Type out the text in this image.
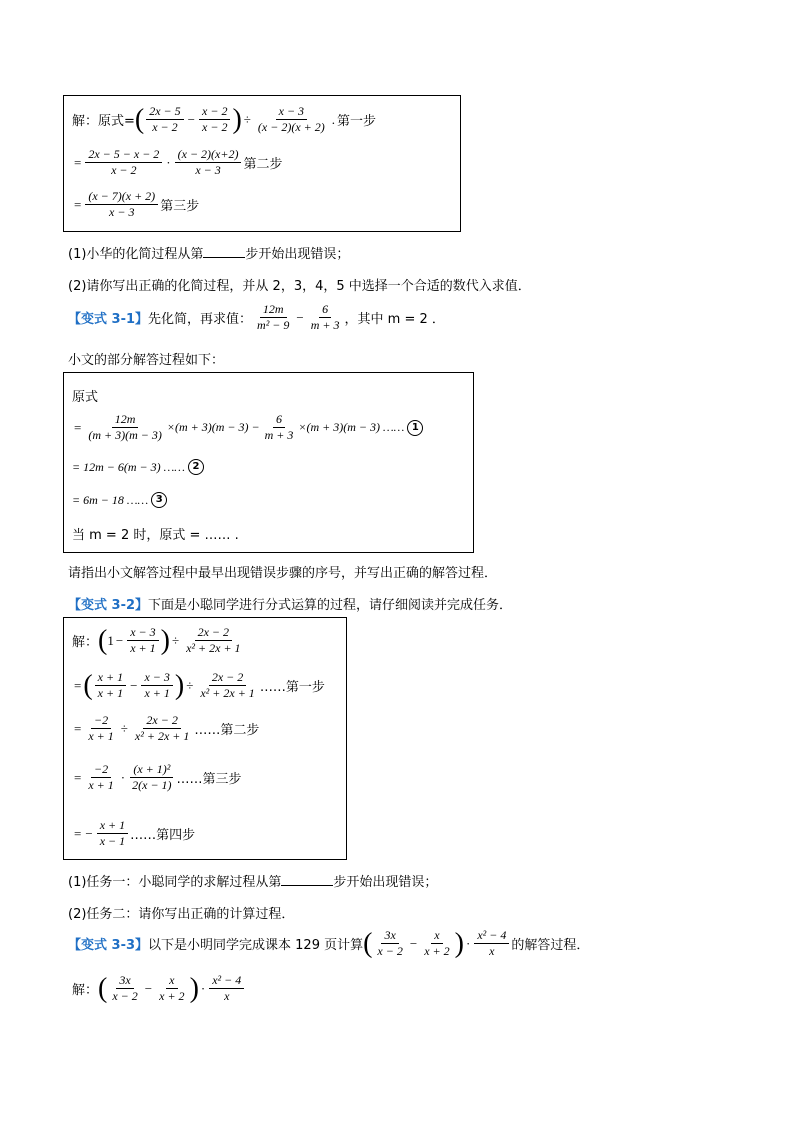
解：原式= ( $\frac{2x - 5}{x - 2} - \frac{x - 2}{x - 2}$ ) ÷ $\frac{x - 3}{(x - 2)(x + 2)}$ . 第一步
= $\frac{2x - 5 - x - 2}{x - 2} \cdot \frac{(x - 2)(x+2)}{x - 3}$ 第二步
= $\frac{(x - 7)(x + 2)}{x - 3}$ 第三步
(1)小华的化简过程从第	步开始出现错误；
(2)请你写出正确的化简过程，并从 2，3，4，5 中选择一个合适的数代入求值．
【变式 3-1】 先化简，再求值： $\frac{12m}{\text{m² − 9}} - \frac{6}{m + 3}$ ，其中 m = 2 ．
小文的部分解答过程如下：
原式
= $\frac{12m}{(m + 3)(m - 3)} \times(m + 3)(m - 3) - \frac{6}{m + 3} \times(m + 3)(m - 3)$ …… 1
= 12m − 6(m − 3) …… 2
= 6m − 18 …… 3
当 m = 2 时，原式 = …… .
请指出小文解答过程中最早出现错误步骤的序号，并写出正确的解答过程．
【变式 3-2】下面是小聪同学进行分式运算的过程，请仔细阅读并完成任务．
解： ( $1 - \frac{x - 3}{x + 1}$ ) ÷ $\frac{2x - 2}{\text{x² + 2x + 1}}$
= ( $\frac{x + 1}{x + 1} - \frac{x - 3}{x + 1}$ ) ÷ $\frac{2x - 2}{\text{x² + 2x + 1}}$ ……第一步
= $\frac{-2}{x + 1} \div \frac{2x - 2}{\text{x² + 2x + 1}}$ ……第二步
= $\frac{-2}{x + 1} \cdot \frac{\text{(x + 1)²}}{2(x - 1)}$ ……第三步
= − $\frac{x + 1}{x - 1}$ ……第四步
(1)任务一：小聪同学的求解过程从第	步开始出现错误；
(2)任务二：请你写出正确的计算过程．
【变式 3-3】 以下是小明同学完成课本 129 页计算 ( $\frac{3x}{x - 2} - \frac{x}{x + 2}$ ) · $\frac{\text{x² − 4}}{x}$ 的解答过程．
解： ( $\frac{3x}{x - 2} - \frac{x}{x + 2}$ ) · $\frac{\text{x² − 4}}{x}$
